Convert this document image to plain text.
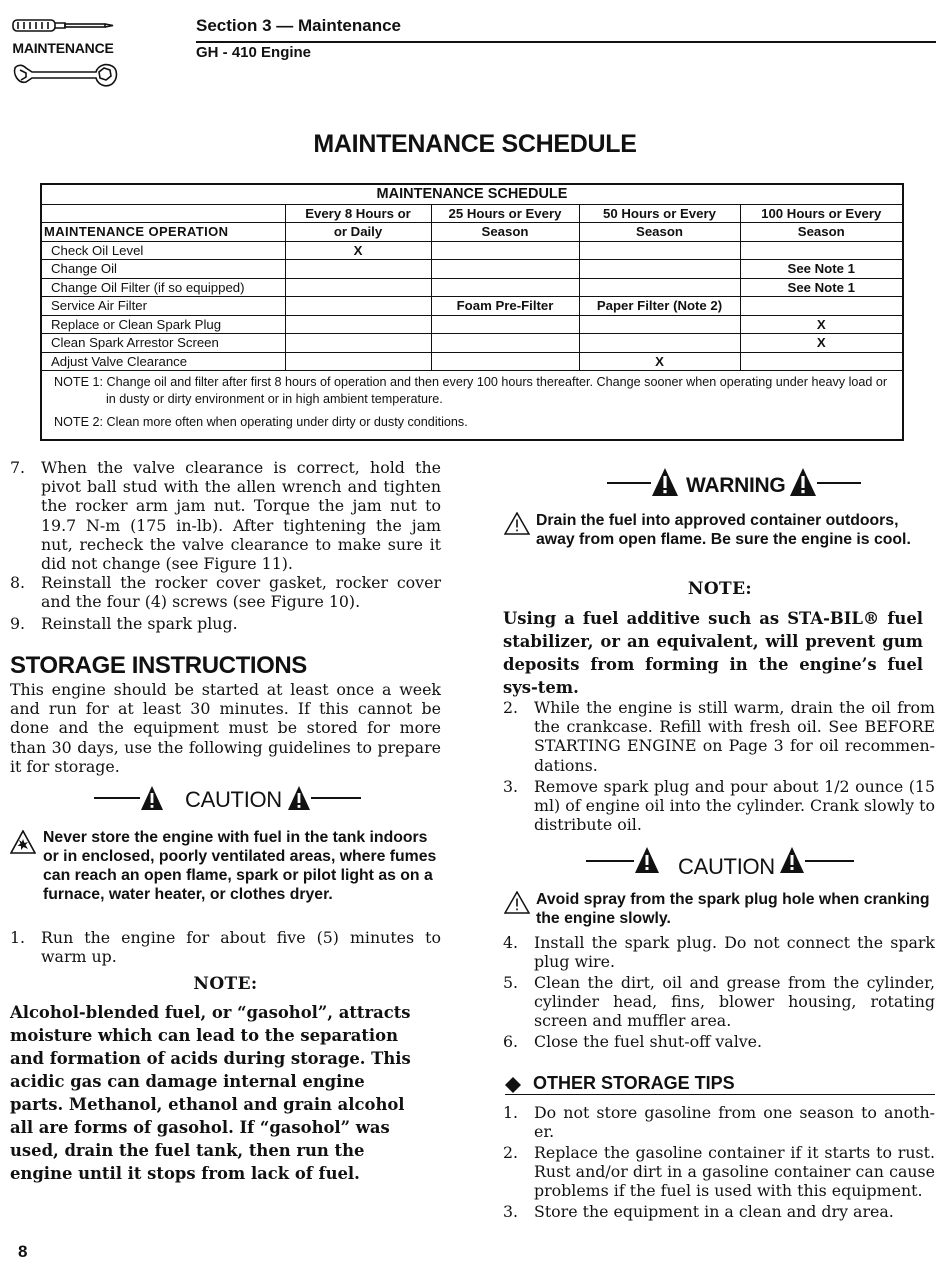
MAINTENANCE
Section 3 — Maintenance
GH - 410 Engine
MAINTENANCE SCHEDULE
MAINTENANCE SCHEDULE				
	Every 8 Hours or	25 Hours or Every	50 Hours or Every	100 Hours or Every
MAINTENANCE OPERATION	or Daily	Season	Season	Season
Check Oil Level	X			
Change Oil				See Note 1
Change Oil Filter (if so equipped)				See Note 1
Service Air Filter		Foam Pre-Filter	Paper Filter (Note 2)	
Replace or Clean Spark Plug				X
Clean Spark Arrestor Screen				X
Adjust Valve Clearance			X	
NOTE 1: Change oil and filter after first 8 hours of operation and then every 100 hours thereafter. Change sooner when operating under heavy load or
in dusty or dirty environment or in high ambient temperature.
NOTE 2: Clean more often when operating under dirty or dusty conditions.
7. When the valve clearance is correct, hold the pivot ball stud with the allen wrench and tighten the rocker arm jam nut. Torque the jam nut to 19.7 N-m (175 in-lb). After tightening the jam nut, recheck the valve clearance to make sure it did not change (see Figure 11).
8. Reinstall the rocker cover gasket, rocker cover and the four (4) screws (see Figure 10).
9. Reinstall the spark plug.
STORAGE INSTRUCTIONS
This engine should be started at least once a week and run for at least 30 minutes. If this cannot be done and the equipment must be stored for more than 30 days, use the following guidelines to prepare it for storage.
CAUTION
Never store the engine with fuel in the tank indoors or in enclosed, poorly ventilated areas, where fumes can reach an open flame, spark or pilot light as on a furnace, water heater, or clothes dryer.
1. Run the engine for about five (5) minutes to warm up.
NOTE:
Alcohol-blended fuel, or “gasohol”, attracts moisture which can lead to the separation and formation of acids during storage. This acidic gas can damage internal engine parts. Methanol, ethanol and grain alcohol all are forms of gasohol. If “gasohol” was used, drain the fuel tank, then run the engine until it stops from lack of fuel.
WARNING
Drain the fuel into approved container outdoors, away from open flame. Be sure the engine is cool.
NOTE:
Using a fuel additive such as STA-BIL® fuel stabilizer, or an equivalent, will prevent gum deposits from forming in the engine’s fuel sys-tem.
2. While the engine is still warm, drain the oil from the crankcase. Refill with fresh oil. See BEFORE STARTING ENGINE on Page 3 for oil recommen-dations.
3. Remove spark plug and pour about 1/2 ounce (15 ml) of engine oil into the cylinder. Crank slowly to distribute oil.
CAUTION
Avoid spray from the spark plug hole when cranking the engine slowly.
4. Install the spark plug. Do not connect the spark plug wire.
5. Clean the dirt, oil and grease from the cylinder, cylinder head, fins, blower housing, rotating screen and muffler area.
6. Close the fuel shut-off valve.
OTHER STORAGE TIPS
1. Do not store gasoline from one season to anoth-er.
2. Replace the gasoline container if it starts to rust. Rust and/or dirt in a gasoline container can cause problems if the fuel is used with this equipment.
3. Store the equipment in a clean and dry area.
8
